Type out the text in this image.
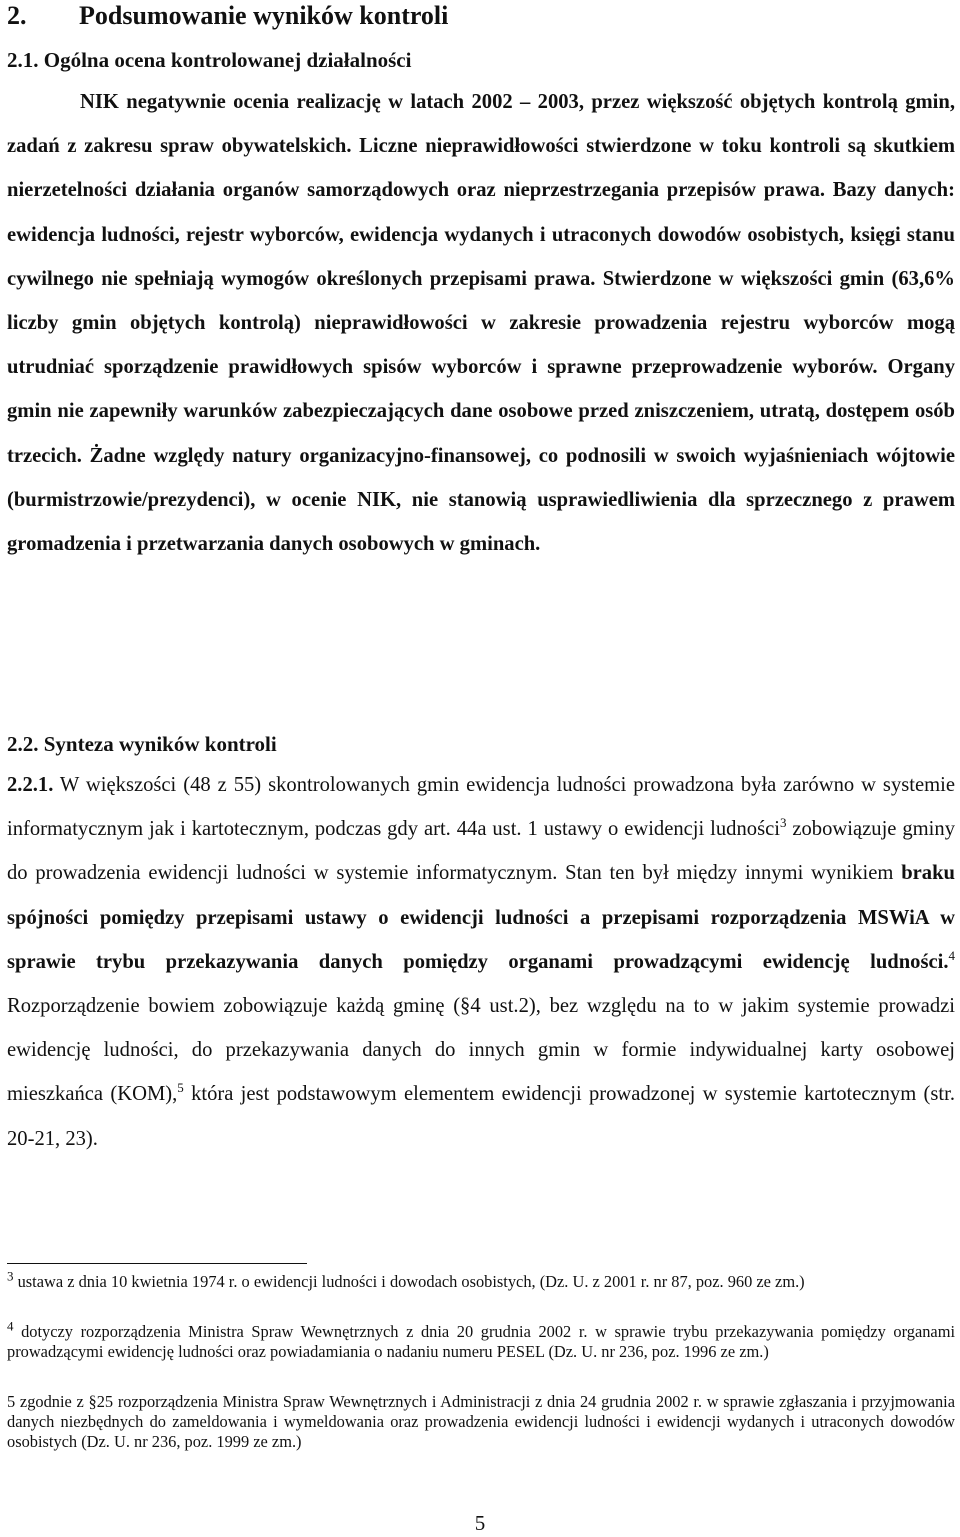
2. Podsumowanie wyników kontroli
2.1. Ogólna ocena kontrolowanej działalności

NIK negatywnie ocenia realizację w latach 2002 – 2003, przez większość objętych kontrolą gmin, zadań z zakresu spraw obywatelskich. Liczne nieprawidłowości stwierdzone w toku kontroli są skutkiem nierzetelności działania organów samorządowych oraz nieprzestrzegania przepisów prawa. Bazy danych: ewidencja ludności, rejestr wyborców, ewidencja wydanych i utraconych dowodów osobistych, księgi stanu cywilnego nie spełniają wymogów określonych przepisami prawa. Stwierdzone w większości gmin (63,6% liczby gmin objętych kontrolą) nieprawidłowości w zakresie prowadzenia rejestru wyborców mogą utrudniać sporządzenie prawidłowych spisów wyborców i sprawne przeprowadzenie wyborów. Organy gmin nie zapewniły warunków zabezpieczających dane osobowe przed zniszczeniem, utratą, dostępem osób trzecich. Żadne względy natury organizacyjno-finansowej, co podnosili w swoich wyjaśnieniach wójtowie (burmistrzowie/prezydenci), w ocenie NIK, nie stanowią usprawiedliwienia dla sprzecznego z prawem gromadzenia i przetwarzania danych osobowych w gminach.

2.2. Synteza wyników kontroli

2.2.1. W większości (48 z 55) skontrolowanych gmin ewidencja ludności prowadzona była zarówno w systemie informatycznym jak i kartotecznym, podczas gdy art. 44a ust. 1 ustawy o ewidencji ludności$^3$ zobowiązuje gminy do prowadzenia ewidencji ludności w systemie informatycznym. Stan ten był między innymi wynikiem braku spójności pomiędzy przepisami ustawy o ewidencji ludności a przepisami rozporządzenia MSWiA w sprawie trybu przekazywania danych pomiędzy organami prowadzącymi ewidencję ludności.$^4$ Rozporządzenie bowiem zobowiązuje każdą gminę (§4 ust.2), bez względu na to w jakim systemie prowadzi ewidencję ludności, do przekazywania danych do innych gmin w formie indywidualnej karty osobowej mieszkańca (KOM),$^5$ która jest podstawowym elementem ewidencji prowadzonej w systemie kartotecznym (str. 20-21, 23).

$^3$ ustawa z dnia 10 kwietnia 1974 r. o ewidencji ludności i dowodach osobistych, (Dz. U. z 2001 r. nr 87, poz. 960 ze zm.)

$^4$ dotyczy rozporządzenia Ministra Spraw Wewnętrznych z dnia 20 grudnia 2002 r. w sprawie trybu przekazywania pomiędzy organami prowadzącymi ewidencję ludności oraz powiadamiania o nadaniu numeru PESEL (Dz. U. nr 236, poz. 1996 ze zm.)

5 zgodnie z §25 rozporządzenia Ministra Spraw Wewnętrznych i Administracji z dnia 24 grudnia 2002 r. w sprawie zgłaszania i przyjmowania danych niezbędnych do zameldowania i wymeldowania oraz prowadzenia ewidencji ludności i ewidencji wydanych i utraconych dowodów osobistych (Dz. U. nr 236, poz. 1999 ze zm.)

5
